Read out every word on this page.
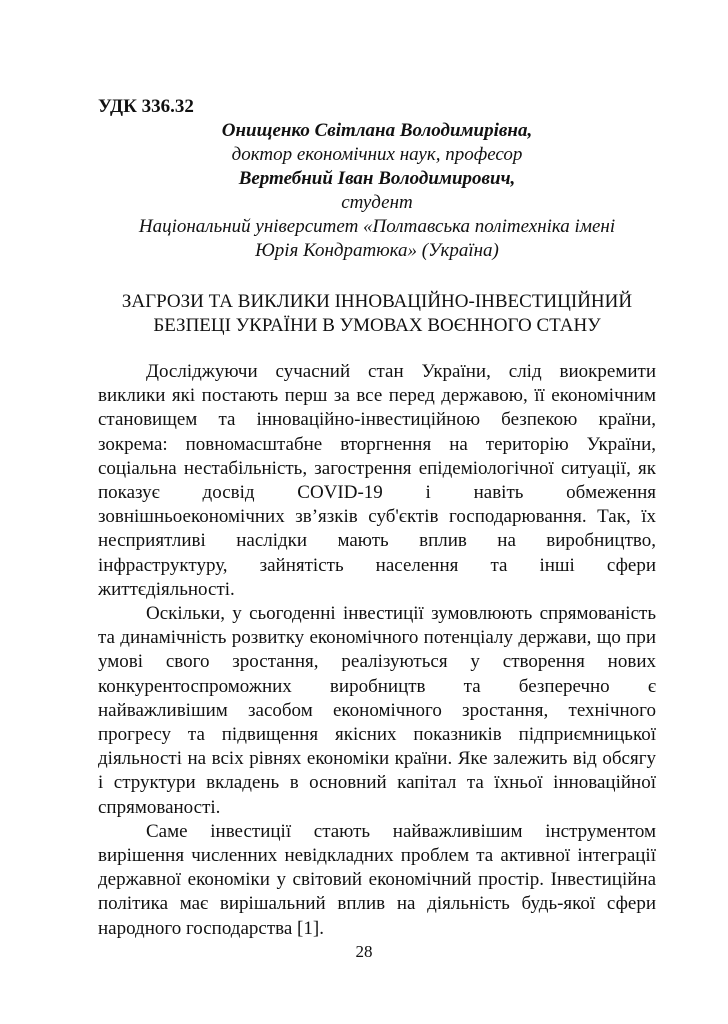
УДК 336.32

Онищенко Світлана Володимирівна,
доктор економічних наук, професор
Вертебний Іван Володимирович,
студент
Національний університет «Полтавська політехніка імені
Юрія Кондратюка» (Україна)
ЗАГРОЗИ ТА ВИКЛИКИ ІННОВАЦІЙНО-ІНВЕСТИЦІЙНИЙ
БЕЗПЕЦІ УКРАЇНИ В УМОВАХ ВОЄННОГО СТАНУ

Досліджуючи сучасний стан України, слід виокремити виклики які постають перш за все перед державою, її економічним становищем та інноваційно-інвестиційною безпекою країни, зокрема: повномасштабне вторгнення на територію України, соціальна нестабільність, загострення епідеміологічної ситуації, як показує досвід COVID-19 і навіть обмеження зовнішньоекономічних зв’язків суб'єктів господарювання. Так, їх несприятливі наслідки мають вплив на виробництво, інфраструктуру, зайнятість населення та інші сфери життєдіяльності.

Оскільки, у сьогоденні інвестиції зумовлюють спрямованість та динамічність розвитку економічного потенціалу держави, що при умові свого зростання, реалізуються у створення нових конкурентоспроможних виробництв та безперечно є найважливішим засобом економічного зростання, технічного прогресу та підвищення якісних показників підприємницької діяльності на всіх рівнях економіки країни. Яке залежить від обсягу і структури вкладень в основний капітал та їхньої інноваційної спрямованості.

Саме інвестиції стають найважливішим інструментом вирішення численних невідкладних проблем та активної інтеграції державної економіки у світовий економічний простір. Інвестиційна політика має вирішальний вплив на діяльність будь-якої сфери народного господарства [1].

28
